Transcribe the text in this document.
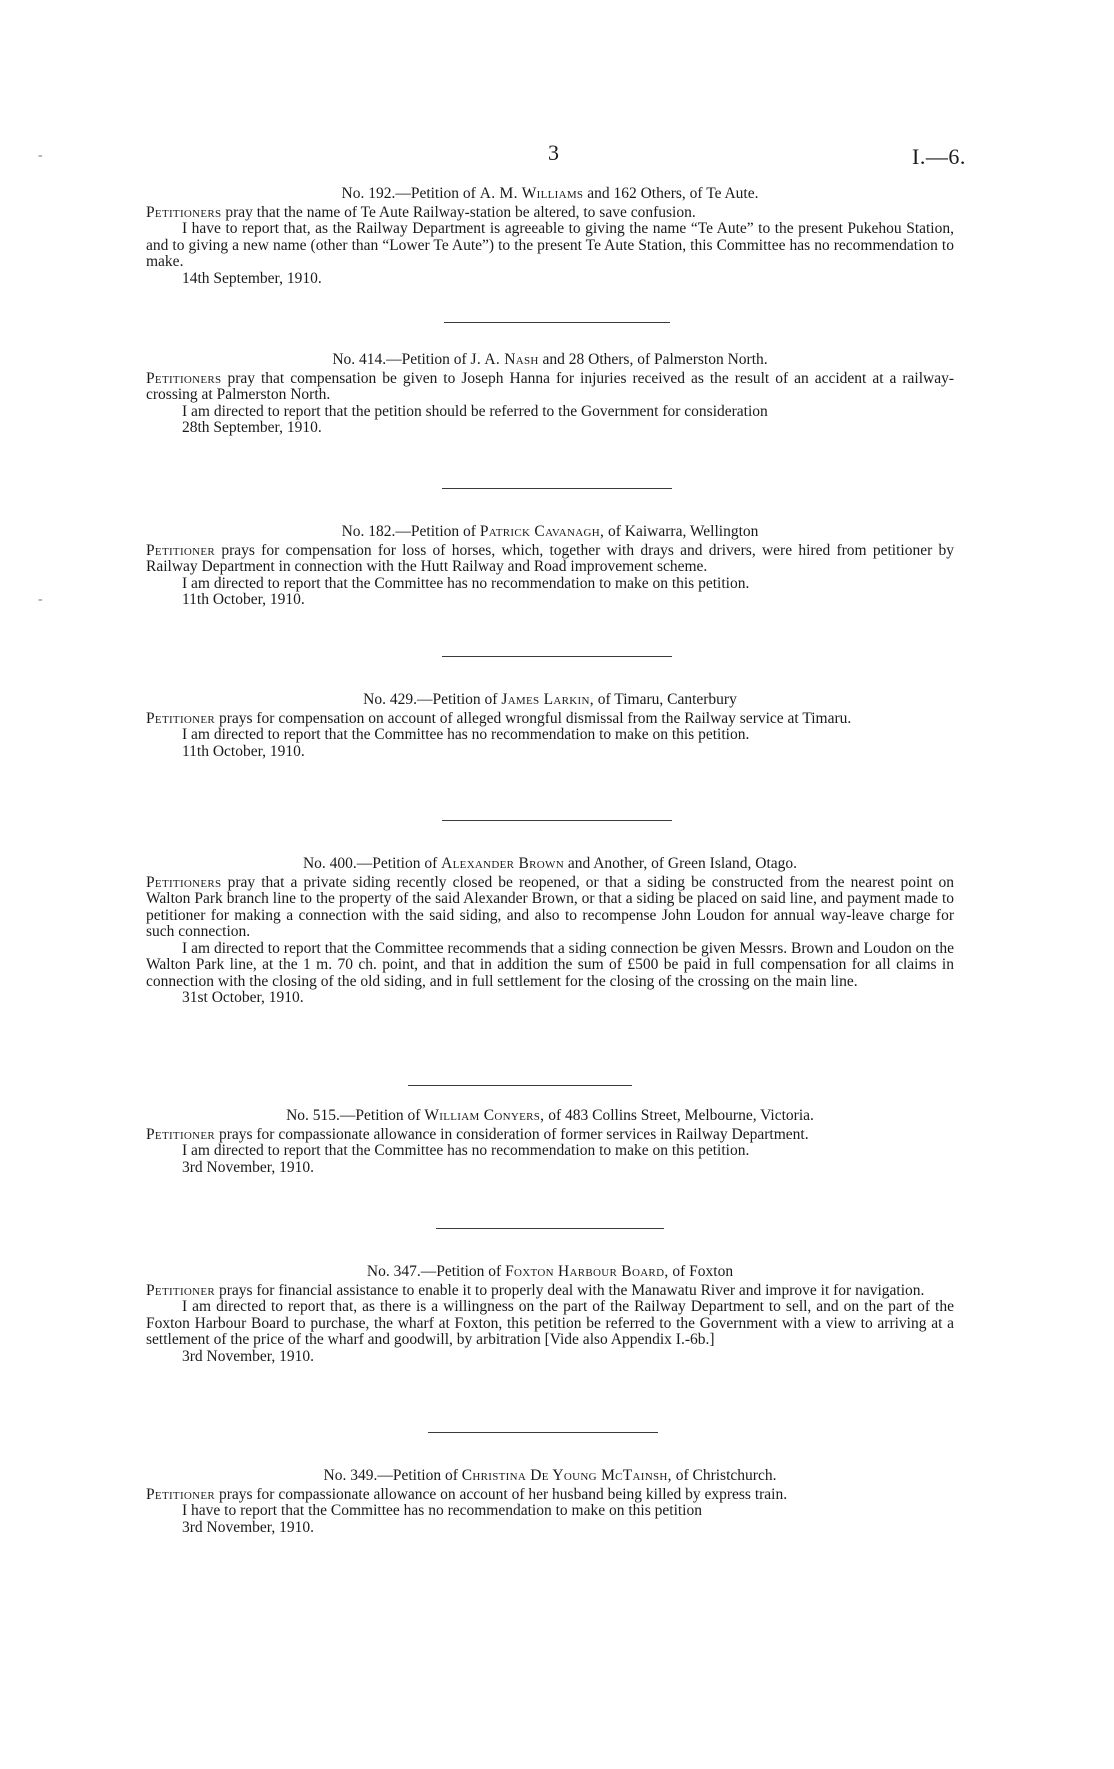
3	I.—6.
‐
‐
No. 192.—Petition of A. M. Williams and 162 Others, of Te Aute.
Petitioners pray that the name of Te Aute Railway-station be altered, to save confusion.
I have to report that, as the Railway Department is agreeable to giving the name “Te Aute” to the present Pukehou Station, and to giving a new name (other than “Lower Te Aute”) to the present Te Aute Station, this Committee has no recommendation to make.
14th September, 1910.
No. 414.—Petition of J. A. Nash and 28 Others, of Palmerston North.
Petitioners pray that compensation be given to Joseph Hanna for injuries received as the result of an accident at a railway-crossing at Palmerston North.
I am directed to report that the petition should be referred to the Government for consideration
28th September, 1910.
No. 182.—Petition of Patrick Cavanagh, of Kaiwarra, Wellington
Petitioner prays for compensation for loss of horses, which, together with drays and drivers, were hired from petitioner by Railway Department in connection with the Hutt Railway and Road improvement scheme.
I am directed to report that the Committee has no recommendation to make on this petition.
11th October, 1910.
No. 429.—Petition of James Larkin, of Timaru, Canterbury
Petitioner prays for compensation on account of alleged wrongful dismissal from the Railway service at Timaru.
I am directed to report that the Committee has no recommendation to make on this petition.
11th October, 1910.
No. 400.—Petition of Alexander Brown and Another, of Green Island, Otago.
Petitioners pray that a private siding recently closed be reopened, or that a siding be constructed from the nearest point on Walton Park branch line to the property of the said Alexander Brown, or that a siding be placed on said line, and payment made to petitioner for making a connection with the said siding, and also to recompense John Loudon for annual way-leave charge for such connection.
I am directed to report that the Committee recommends that a siding connection be given Messrs. Brown and Loudon on the Walton Park line, at the 1 m. 70 ch. point, and that in addition the sum of £500 be paid in full compensation for all claims in connection with the closing of the old siding, and in full settlement for the closing of the crossing on the main line.
31st October, 1910.
No. 515.—Petition of William Conyers, of 483 Collins Street, Melbourne, Victoria.
Petitioner prays for compassionate allowance in consideration of former services in Railway Department.
I am directed to report that the Committee has no recommendation to make on this petition.
3rd November, 1910.
No. 347.—Petition of Foxton Harbour Board, of Foxton
Petitioner prays for financial assistance to enable it to properly deal with the Manawatu River and improve it for navigation.
I am directed to report that, as there is a willingness on the part of the Railway Department to sell, and on the part of the Foxton Harbour Board to purchase, the wharf at Foxton, this petition be referred to the Government with a view to arriving at a settlement of the price of the wharf and goodwill, by arbitration [Vide also Appendix I.-6b.]
3rd November, 1910.
No. 349.—Petition of Christina De Young McTainsh, of Christchurch.
Petitioner prays for compassionate allowance on account of her husband being killed by express train.
I have to report that the Committee has no recommendation to make on this petition
3rd November, 1910.
